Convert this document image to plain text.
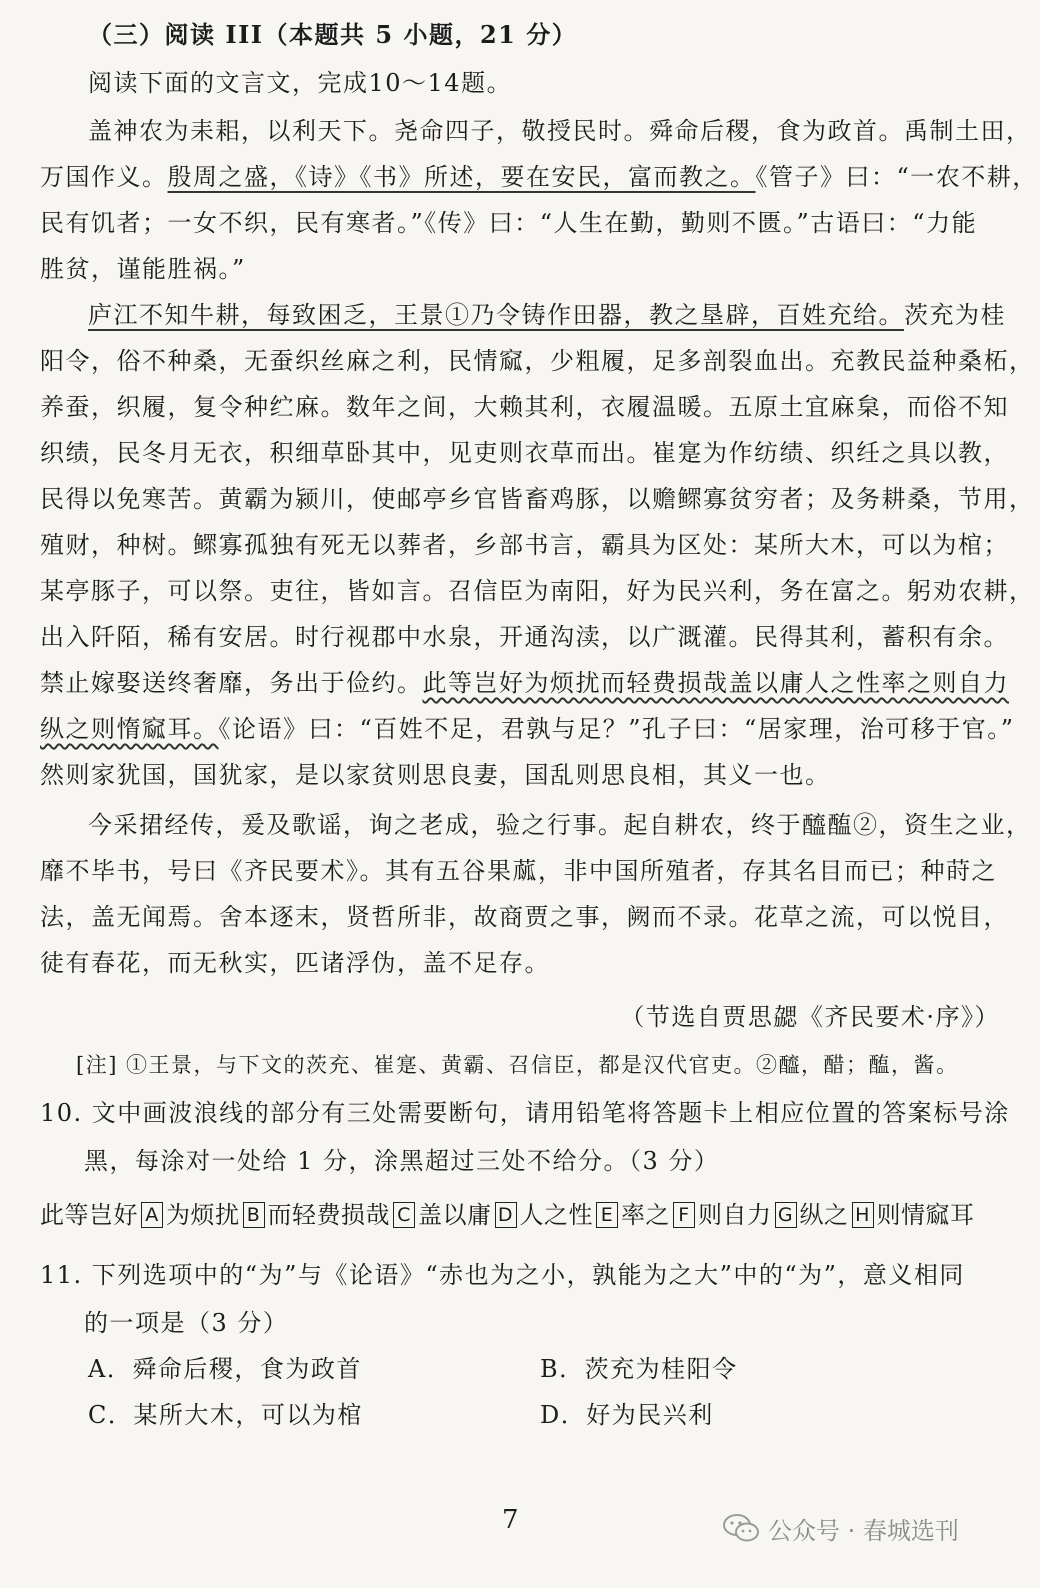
（三）阅读 III（本题共 5 小题，21 分）
阅读下面的文言文，完成10～14题。
盖神农为耒耜，以利天下。尧命四子，敬授民时。舜命后稷，食为政首。禹制土田，
万国作义。殷周之盛，《诗》《书》所述，要在安民，富而教之。《管子》曰：“一农不耕，
民有饥者；一女不织，民有寒者。”《传》曰：“人生在勤，勤则不匮。”古语曰：“力能
胜贫，谨能胜祸。”
庐江不知牛耕，每致困乏，王景①乃令铸作田器，教之垦辟，百姓充给。茨充为桂
阳令，俗不种桑，无蚕织丝麻之利，民情窳，少粗履，足多剖裂血出。充教民益种桑柘，
养蚕，织履，复令种纻麻。数年之间，大赖其利，衣履温暖。五原土宜麻枲，而俗不知
织绩，民冬月无衣，积细草卧其中，见吏则衣草而出。崔寔为作纺绩、织纴之具以教，
民得以免寒苦。黄霸为颍川，使邮亭乡官皆畜鸡豚，以赡鳏寡贫穷者；及务耕桑，节用，
殖财，种树。鳏寡孤独有死无以葬者，乡部书言，霸具为区处：某所大木，可以为棺；
某亭豚子，可以祭。吏往，皆如言。召信臣为南阳，好为民兴利，务在富之。躬劝农耕，
出入阡陌，稀有安居。时行视郡中水泉，开通沟渎，以广溉灌。民得其利，蓄积有余。
禁止嫁娶送终奢靡，务出于俭约。此等岂好为烦扰而轻费损哉盖以庸人之性率之则自力
纵之则惰窳耳。《论语》曰：“百姓不足，君孰与足？”孔子曰：“居家理，治可移于官。”
然则家犹国，国犹家，是以家贫则思良妻，国乱则思良相，其义一也。
今采捃经传，爰及歌谣，询之老成，验之行事。起自耕农，终于醯醢②，资生之业，
靡不毕书，号曰《齐民要术》。其有五谷果蓏，非中国所殖者，存其名目而已；种莳之
法，盖无闻焉。舍本逐末，贤哲所非，故商贾之事，阙而不录。花草之流，可以悦目，
徒有春花，而无秋实，匹诸浮伪，盖不足存。
（节选自贾思勰《齐民要术·序》）
[注] ①王景，与下文的茨充、崔寔、黄霸、召信臣，都是汉代官吏。②醯，醋；醢，酱。
10. 文中画波浪线的部分有三处需要断句，请用铅笔将答题卡上相应位置的答案标号涂
黑，每涂对一处给 1 分，涂黑超过三处不给分。（3 分）
此等岂好 A 为烦扰 B 而轻费损哉 C 盖以庸 D 人之性 E 率之 F 则自力 G 纵之 H 则情窳耳
11. 下列选项中的“为”与《论语》“赤也为之小，孰能为之大”中的“为”，意义相同
的一项是（3 分）
A．舜命后稷，食为政首	B．茨充为桂阳令
C．某所大木，可以为棺	D．好为民兴利
7	公众号 · 春城选刊
